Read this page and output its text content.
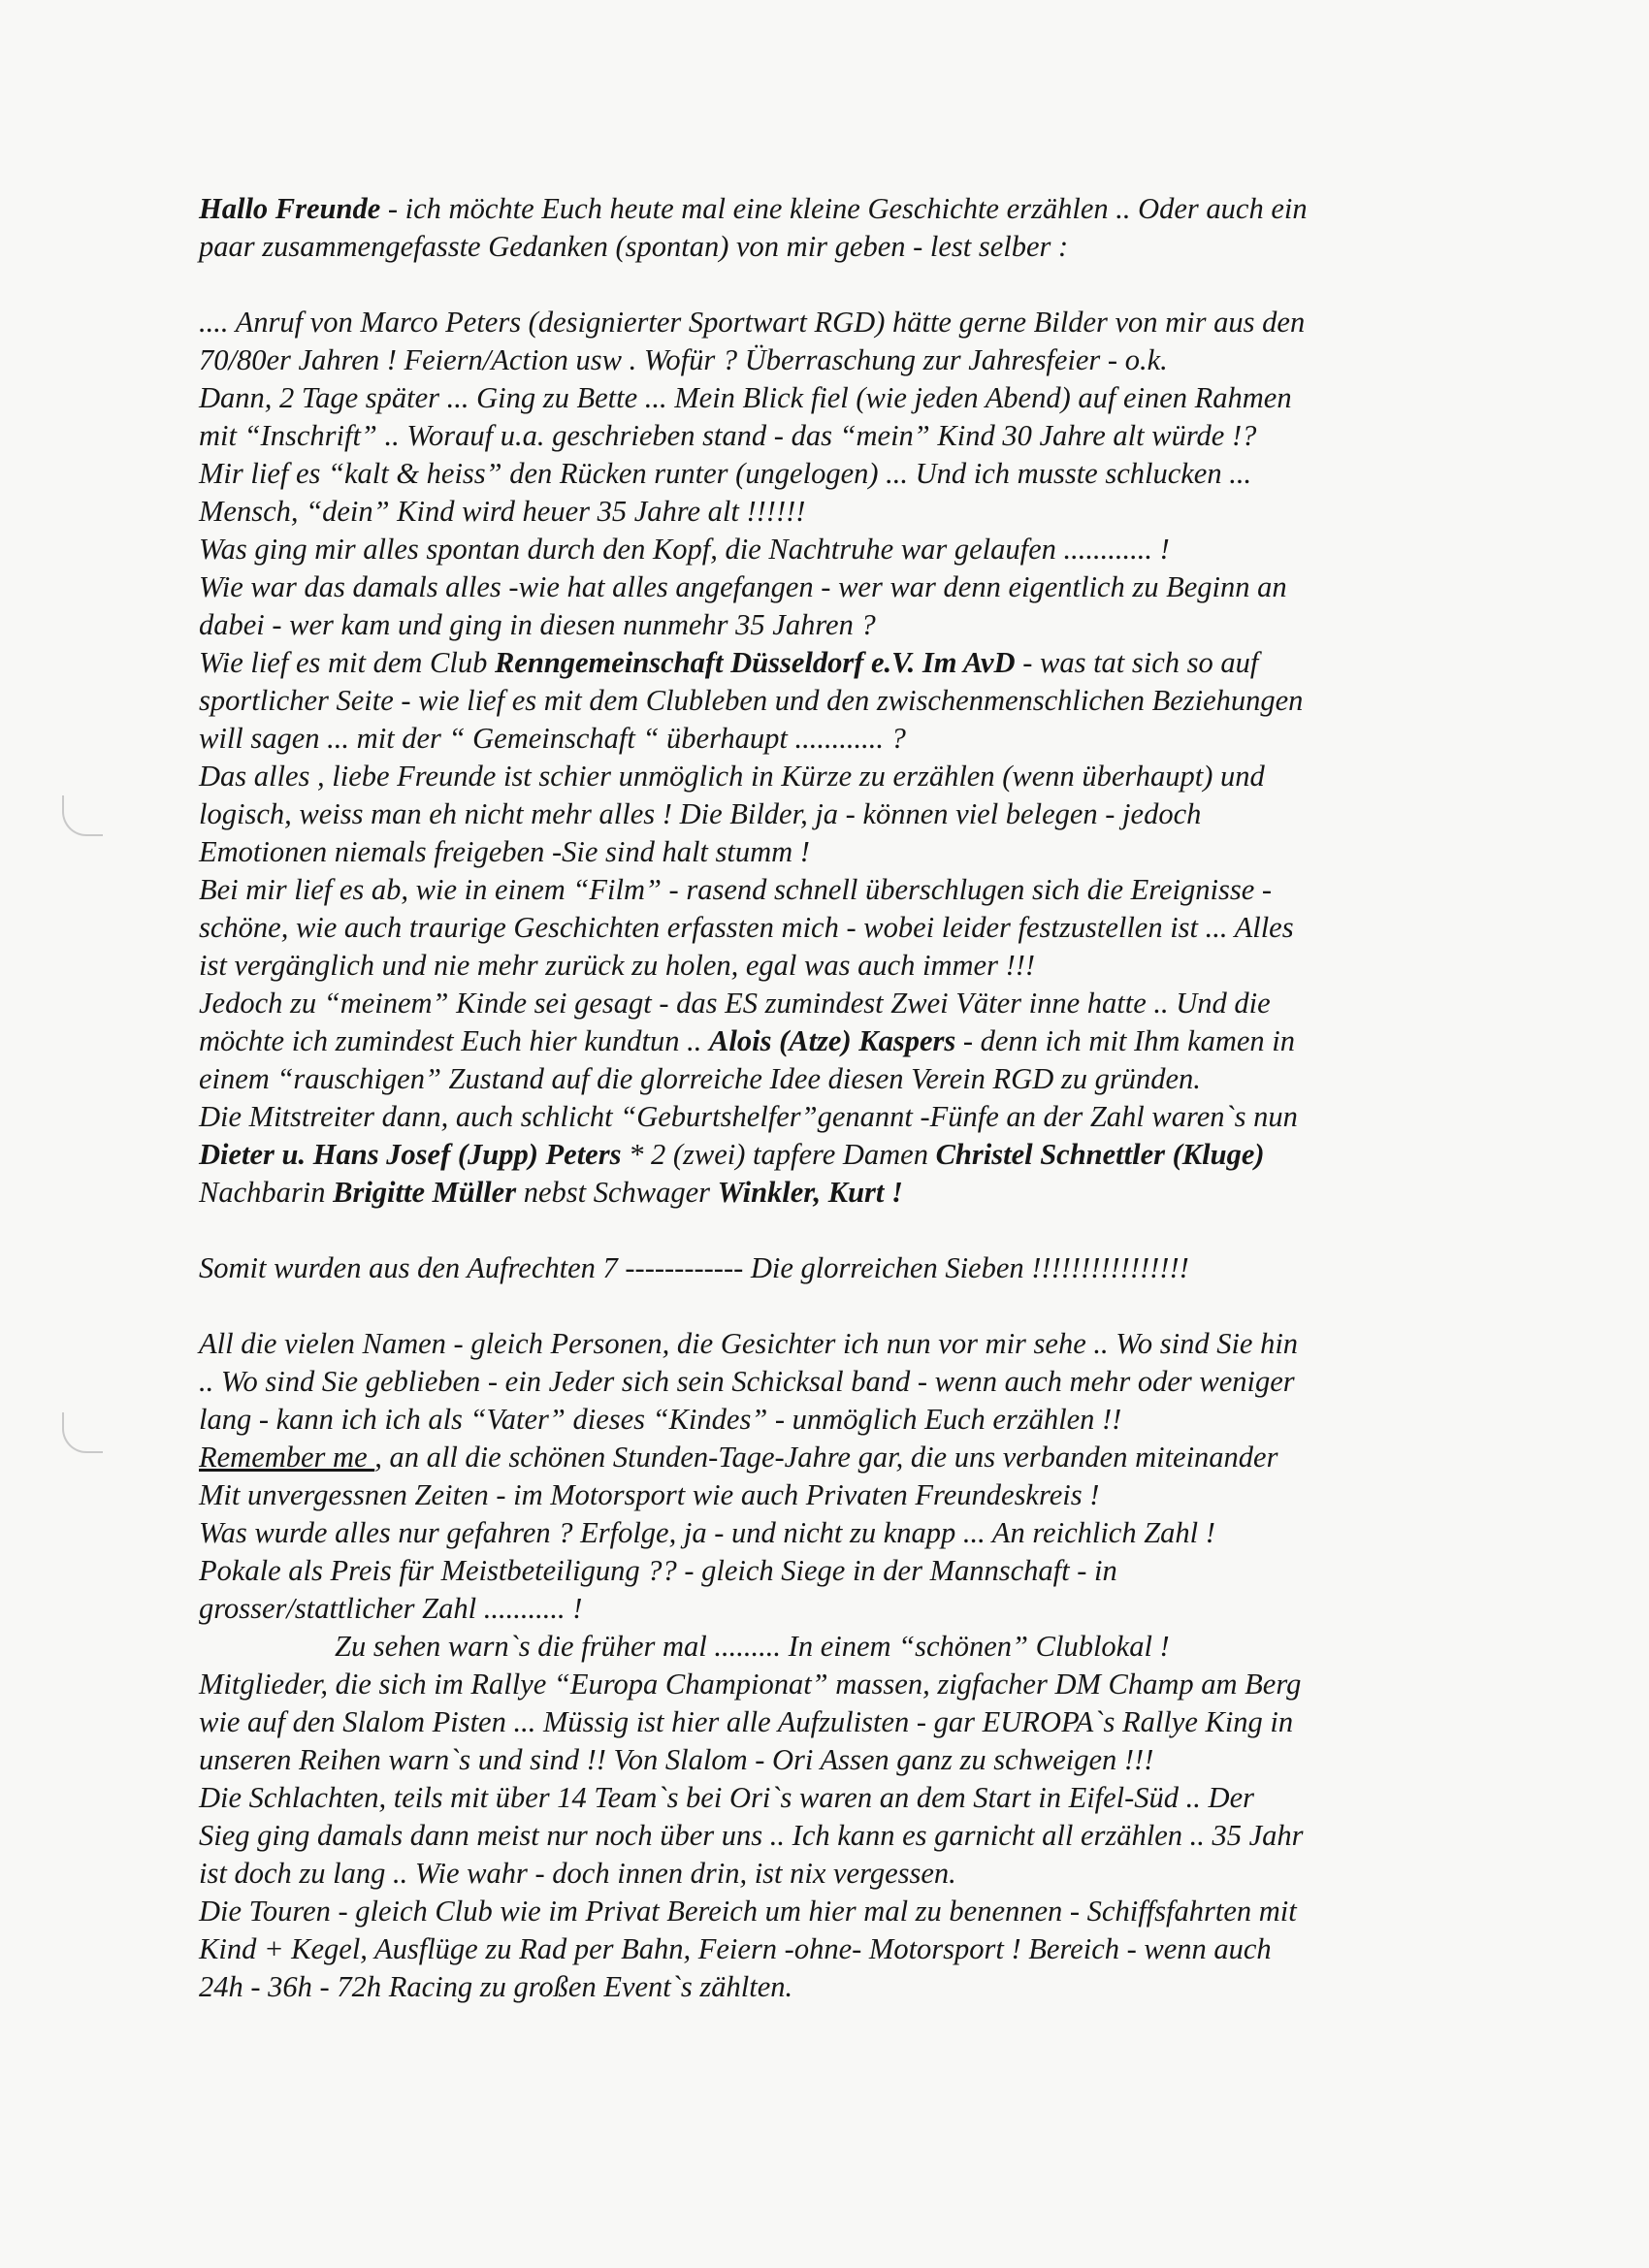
Hallo Freunde - ich möchte Euch heute mal eine kleine Geschichte erzählen .. Oder auch ein
paar zusammengefasste Gedanken (spontan) von mir geben - lest selber :
.... Anruf von Marco Peters (designierter Sportwart RGD) hätte gerne Bilder von mir aus den
70/80er Jahren ! Feiern/Action usw . Wofür ? Überraschung zur Jahresfeier - o.k.
Dann, 2 Tage später ... Ging zu Bette ... Mein Blick fiel (wie jeden Abend) auf einen Rahmen
mit “Inschrift” .. Worauf u.a. geschrieben stand - das “mein” Kind 30 Jahre alt würde !?
Mir lief es “kalt & heiss” den Rücken runter (ungelogen) ... Und ich musste schlucken ...
Mensch, “dein” Kind wird heuer 35 Jahre alt !!!!!!
Was ging mir alles spontan durch den Kopf, die Nachtruhe war gelaufen ............ !
Wie war das damals alles -wie hat alles angefangen - wer war denn eigentlich zu Beginn an
dabei - wer kam und ging in diesen nunmehr 35 Jahren ?
Wie lief es mit dem Club Renngemeinschaft Düsseldorf e.V. Im AvD - was tat sich so auf
sportlicher Seite - wie lief es mit dem Clubleben und den zwischenmenschlichen Beziehungen
will sagen ... mit der “ Gemeinschaft “ überhaupt ............ ?
Das alles , liebe Freunde ist schier unmöglich in Kürze zu erzählen (wenn überhaupt) und
logisch, weiss man eh nicht mehr alles ! Die Bilder, ja - können viel belegen - jedoch
Emotionen niemals freigeben -Sie sind halt stumm !
Bei mir lief es ab, wie in einem “Film” - rasend schnell überschlugen sich die Ereignisse -
schöne, wie auch traurige Geschichten erfassten mich - wobei leider festzustellen ist ... Alles
ist vergänglich und nie mehr zurück zu holen, egal was auch immer !!!
Jedoch zu “meinem” Kinde sei gesagt - das ES zumindest Zwei Väter inne hatte .. Und die
möchte ich zumindest Euch hier kundtun .. Alois (Atze) Kaspers - denn ich mit Ihm kamen in
einem “rauschigen” Zustand auf die glorreiche Idee diesen Verein RGD zu gründen.
Die Mitstreiter dann, auch schlicht “Geburtshelfer”genannt -Fünfe an der Zahl waren`s nun
Dieter u. Hans Josef (Jupp) Peters * 2 (zwei) tapfere Damen Christel Schnettler (Kluge)
Nachbarin Brigitte Müller nebst Schwager Winkler, Kurt !
Somit wurden aus den Aufrechten 7 ------------ Die glorreichen Sieben !!!!!!!!!!!!!!!!
All die vielen Namen - gleich Personen, die Gesichter ich nun vor mir sehe .. Wo sind Sie hin
.. Wo sind Sie geblieben - ein Jeder sich sein Schicksal band - wenn auch mehr oder weniger
lang - kann ich ich als “Vater” dieses “Kindes” - unmöglich Euch erzählen !!
Remember me , an all die schönen Stunden-Tage-Jahre gar, die uns verbanden miteinander
Mit unvergessnen Zeiten - im Motorsport wie auch Privaten Freundeskreis !
Was wurde alles nur gefahren ? Erfolge, ja - und nicht zu knapp ... An reichlich Zahl !
Pokale als Preis für Meistbeteiligung ?? - gleich Siege in der Mannschaft - in
grosser/stattlicher Zahl ........... !
Zu sehen warn`s die früher mal ......... In einem “schönen” Clublokal !
Mitglieder, die sich im Rallye “Europa Championat” massen, zigfacher DM Champ am Berg
wie auf den Slalom Pisten ... Müssig ist hier alle Aufzulisten - gar EUROPA`s Rallye King in
unseren Reihen warn`s und sind !! Von Slalom - Ori Assen ganz zu schweigen !!!
Die Schlachten, teils mit über 14 Team`s bei Ori`s waren an dem Start in Eifel-Süd .. Der
Sieg ging damals dann meist nur noch über uns .. Ich kann es garnicht all erzählen .. 35 Jahr
ist doch zu lang .. Wie wahr - doch innen drin, ist nix vergessen.
Die Touren - gleich Club wie im Privat Bereich um hier mal zu benennen - Schiffsfahrten mit
Kind + Kegel, Ausflüge zu Rad per Bahn, Feiern -ohne- Motorsport ! Bereich - wenn auch
24h - 36h - 72h Racing zu großen Event`s zählten.
